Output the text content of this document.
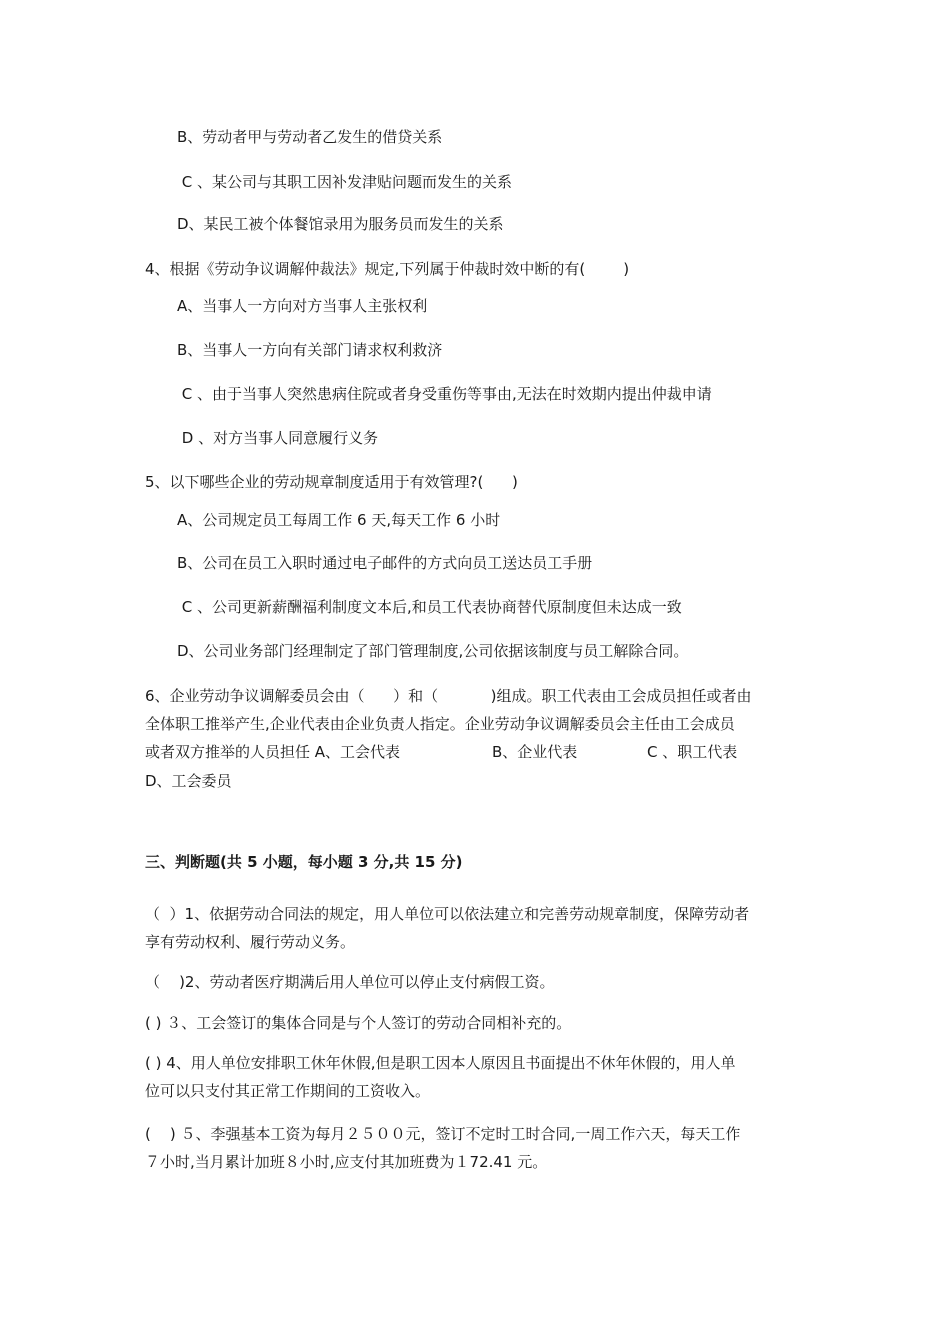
B、劳动者甲与劳动者乙发生的借贷关系
C 、某公司与其职工因补发津贴问题而发生的关系
D、某民工被个体餐馆录用为服务员而发生的关系
4、根据《劳动争议调解仲裁法》规定,下列属于仲裁时效中断的有(        )
A、当事人一方向对方当事人主张权利
B、当事人一方向有关部门请求权利救济
C 、由于当事人突然患病住院或者身受重伤等事由,无法在时效期内提出仲裁申请
D 、对方当事人同意履行义务
5、以下哪些企业的劳动规章制度适用于有效管理?(      )
A、公司规定员工每周工作 6 天,每天工作 6 小时
B、公司在员工入职时通过电子邮件的方式向员工送达员工手册
C 、公司更新薪酬福利制度文本后,和员工代表协商替代原制度但未达成一致
D、公司业务部门经理制定了部门管理制度,公司依据该制度与员工解除合同。
6、企业劳动争议调解委员会由（      ）和（           )组成。职工代表由工会成员担任或者由
全体职工推举产生,企业代表由企业负责人指定。企业劳动争议调解委员会主任由工会成员
或者双方推举的人员担任 A、工会代表	B、企业代表	C 、职工代表
D、工会委员
三、判断题(共 5 小题，每小题 3 分,共 15 分)
（  ）1、依据劳动合同法的规定，用人单位可以依法建立和完善劳动规章制度，保障劳动者
享有劳动权利、履行劳动义务。
（    )2、劳动者医疗期满后用人单位可以停止支付病假工资。
( ) ３、工会签订的集体合同是与个人签订的劳动合同相补充的。
( ) 4、用人单位安排职工休年休假,但是职工因本人原因且书面提出不休年休假的，用人单
位可以只支付其正常工作期间的工资收入。
(    ) ５、李强基本工资为每月２５００元，签订不定时工时合同,一周工作六天，每天工作
７小时,当月累计加班８小时,应支付其加班费为１72.41 元。
